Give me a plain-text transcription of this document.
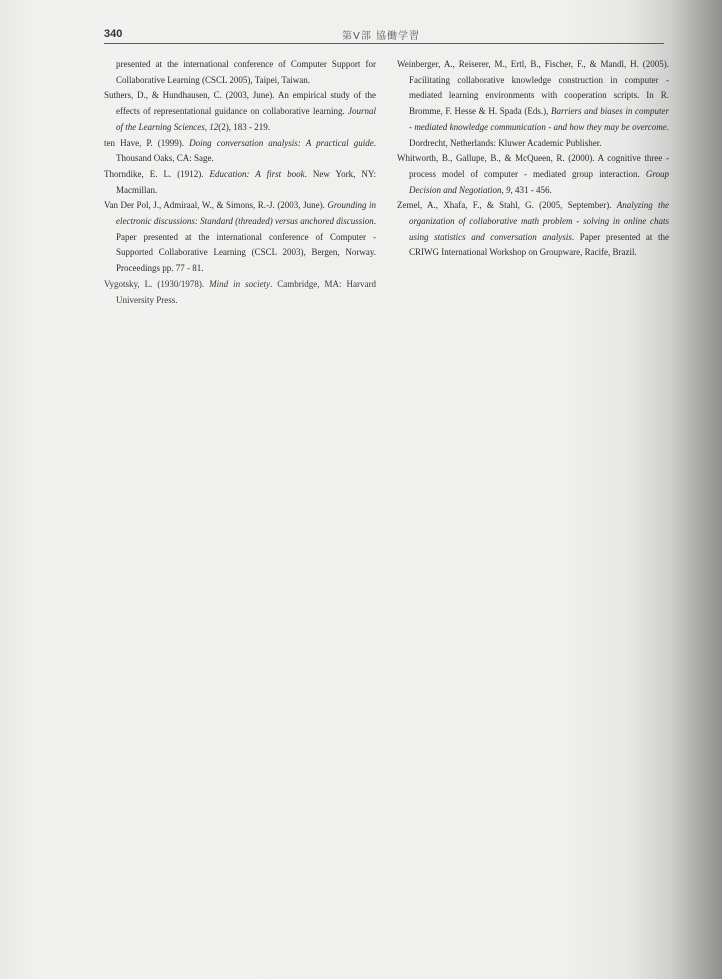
340	第V部 協働学習

presented at the international conference of Computer Support for Collaborative Learning (CSCL 2005), Taipei, Taiwan.

Suthers, D., & Hundhausen, C. (2003, June). An empirical study of the effects of representational guidance on collaborative learning. Journal of the Learning Sciences, 12(2), 183 - 219.

ten Have, P. (1999). Doing conversation analysis: A practical guide. Thousand Oaks, CA: Sage.

Thorndike, E. L. (1912). Education: A first book. New York, NY: Macmillan.

Van Der Pol, J., Admiraal, W., & Simons, R.-J. (2003, June). Grounding in electronic discussions: Standard (threaded) versus anchored discussion. Paper presented at the international conference of Computer - Supported Collaborative Learning (CSCL 2003), Bergen, Norway. Proceedings pp. 77 - 81.

Vygotsky, L. (1930/1978). Mind in society. Cambridge, MA: Harvard University Press.

Weinberger, A., Reiserer, M., Ertl, B., Fischer, F., & Mandl, H. (2005). Facilitating collaborative knowledge construction in computer - mediated learning environments with cooperation scripts. In R. Bromme, F. Hesse & H. Spada (Eds.), Barriers and biases in computer - mediated knowledge communication - and how they may be overcome. Dordrecht, Netherlands: Kluwer Academic Publisher.

Whitworth, B., Gallupe, B., & McQueen, R. (2000). A cognitive three - process model of computer - mediated group interaction. Group Decision and Negotiation, 9, 431 - 456.

Zemel, A., Xhafa, F., & Stahl, G. (2005, September). Analyzing the organization of collaborative math problem - solving in online chats using statistics and conversation analysis. Paper presented at the CRIWG International Workshop on Groupware, Racife, Brazil.
